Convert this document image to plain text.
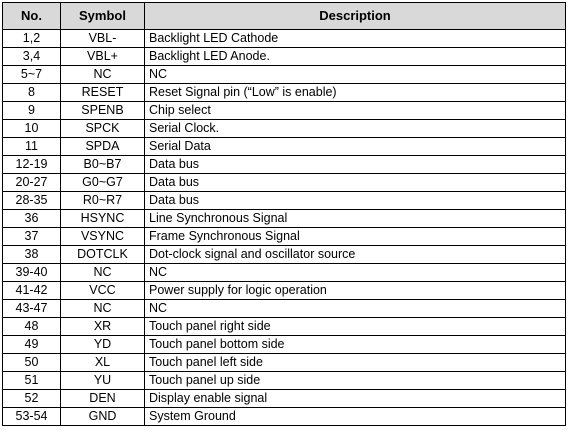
No.	Symbol	Description
1,2	VBL-	Backlight LED Cathode
3,4	VBL+	Backlight LED Anode.
5~7	NC	NC
8	RESET	Reset Signal pin (“Low” is enable)
9	SPENB	Chip select
10	SPCK	Serial Clock.
11	SPDA	Serial Data
12-19	B0~B7	Data bus
20-27	G0~G7	Data bus
28-35	R0~R7	Data bus
36	HSYNC	Line Synchronous Signal
37	VSYNC	Frame Synchronous Signal
38	DOTCLK	Dot-clock signal and oscillator source
39-40	NC	NC
41-42	VCC	Power supply for logic operation
43-47	NC	NC
48	XR	Touch panel right side
49	YD	Touch panel bottom side
50	XL	Touch panel left side
51	YU	Touch panel up side
52	DEN	Display enable signal
53-54	GND	System Ground
